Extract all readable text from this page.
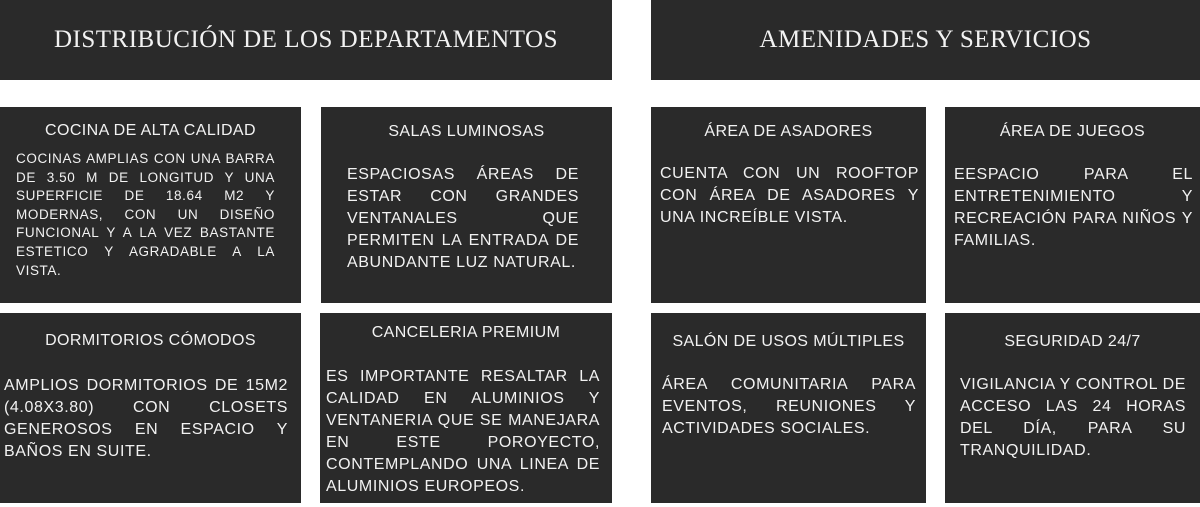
DISTRIBUCIÓN DE LOS DEPARTAMENTOS	AMENIDADES Y SERVICIOS
COCINA DE ALTA CALIDAD
COCINAS AMPLIAS CON UNA BARRA DE 3.50 M DE LONGITUD Y UNA SUPERFICIE DE 18.64 M2 Y MODERNAS, CON UN DISEÑO FUNCIONAL Y A LA VEZ BASTANTE ESTETICO Y AGRADABLE A LA VISTA.
SALAS LUMINOSAS
ESPACIOSAS ÁREAS DE ESTAR CON GRANDES VENTANALES QUE PERMITEN LA ENTRADA DE ABUNDANTE LUZ NATURAL.
ÁREA DE ASADORES
CUENTA CON UN ROOFTOP CON ÁREA DE ASADORES Y UNA INCREÍBLE VISTA.
ÁREA DE JUEGOS
EESPACIO PARA EL ENTRETENIMIENTO Y RECREACIÓN PARA NIÑOS Y FAMILIAS.
DORMITORIOS CÓMODOS
AMPLIOS DORMITORIOS DE 15M2 (4.08X3.80) CON CLOSETS GENEROSOS EN ESPACIO Y BAÑOS EN SUITE.
CANCELERIA PREMIUM
ES IMPORTANTE RESALTAR LA CALIDAD EN ALUMINIOS Y VENTANERIA QUE SE MANEJARA EN ESTE POROYECTO, CONTEMPLANDO UNA LINEA DE ALUMINIOS EUROPEOS.
SALÓN DE USOS MÚLTIPLES
ÁREA COMUNITARIA PARA EVENTOS, REUNIONES Y ACTIVIDADES SOCIALES.
SEGURIDAD 24/7
VIGILANCIA Y CONTROL DE ACCESO LAS 24 HORAS DEL DÍA, PARA SU TRANQUILIDAD.
